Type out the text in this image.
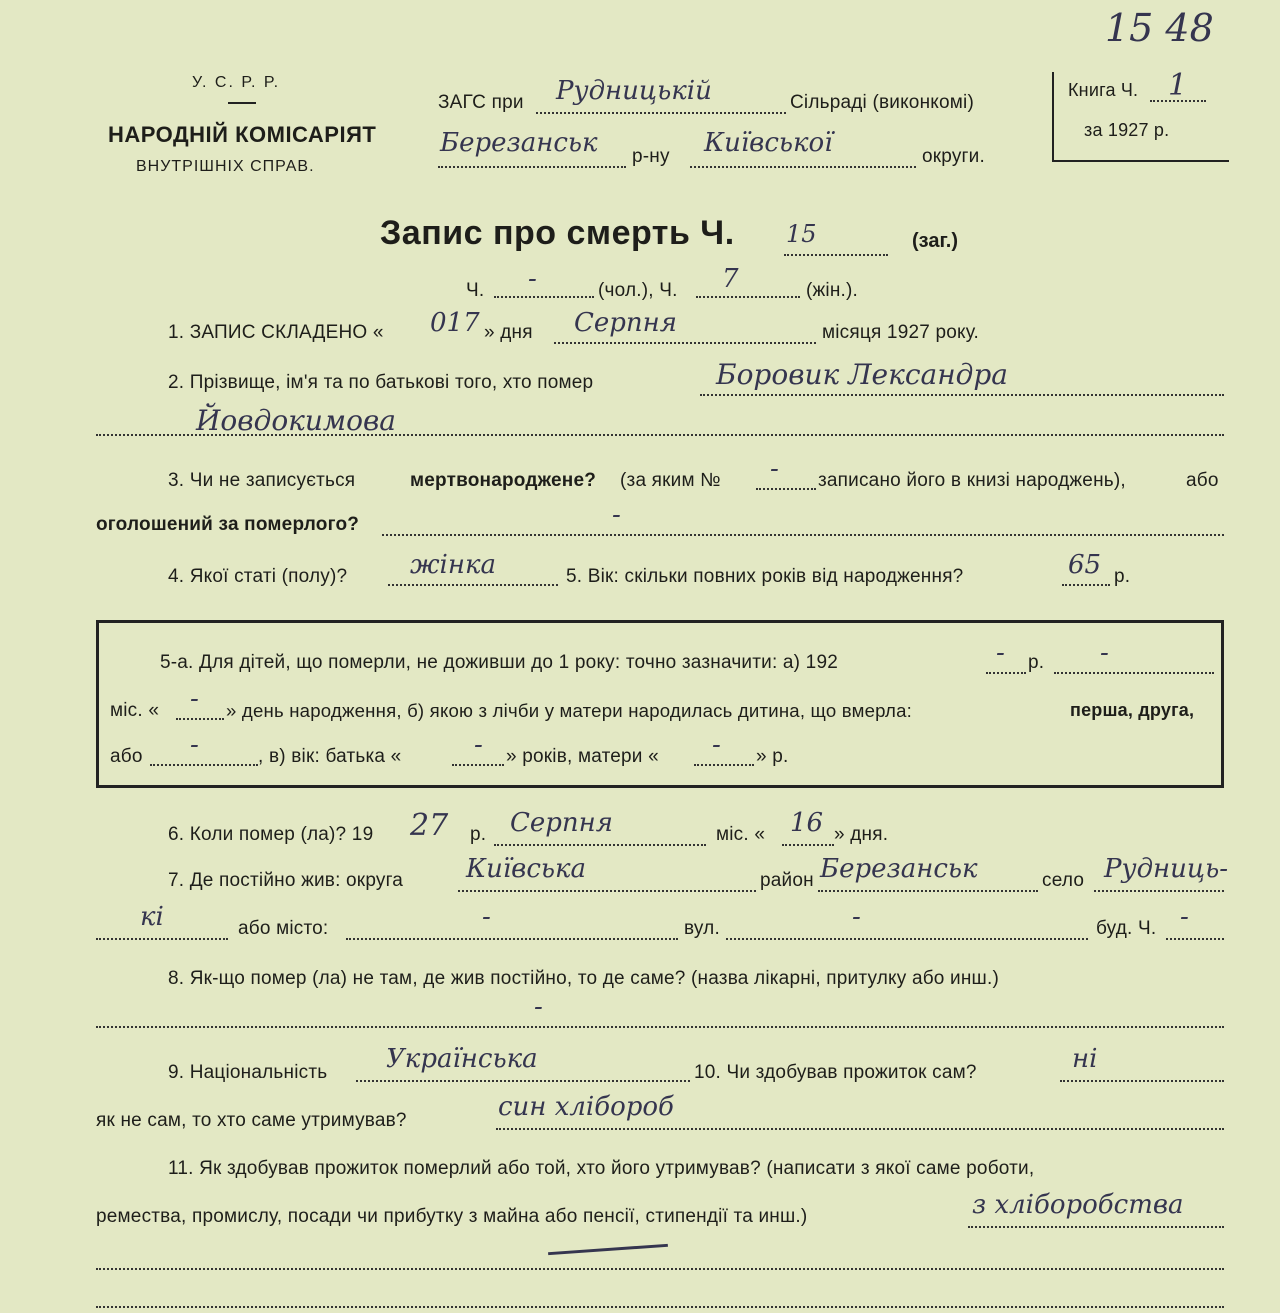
15 48
У. С. Р. Р.
НАРОДНІЙ КОМІСАРІЯТ
ВНУТРІШНІХ СПРАВ.
ЗАГС при Рудницькій	Сільраді (виконкомі)
Березанськ р-ну Київської	округи.
Книга Ч. 1
за 1927 р.
Запис про смерть Ч. 15	(заг.)
Ч. -	(чол.), Ч. 7	(жін.).
1. ЗАПИС СКЛАДЕНО « 017 » дня Серпня	місяця 1927 року.
2. Прізвище, ім'я та по батькові того, хто помер	Боровик Лександра
Йовдокимова
3. Чи не записується	мертвонароджене? (за яким № - записано його в книзі народжень),	або
оголошений за померлого?	-
4. Якої статі (полу)? жінка	5. Вік: скільки повних років від народження?	65 р.
5-а. Для дітей, що померли, не доживши до 1 року: точно зазначити: а) 192	- р. -
міс. « - » день народження, б) якою з лічби у матери народилась дитина, що вмерла:	перша, друга,
або -	, в) вік: батька «	- » років, матери « - » р.
6. Коли помер (ла)? 19 27 р. Серпня	міс. « 16 » дня.
7. Де постійно жив: округа Київська	район Березанськ	село Рудниць-
кі	або місто:	-	вул.	-	буд. Ч. -
8. Як-що помер (ла) не там, де жив постійно, то де саме? (назва лікарні, притулку або инш.)
-
9. Національність Українська	10. Чи здобував прожиток сам?	ні
як не сам, то хто саме утримував?	син хлібороб
11. Як здобував прожиток померлий або той, хто його утримував? (написати з якої саме роботи,
ремества, промислу, посади чи прибутку з майна або пенсії, стипендії та инш.)	з хліборобства
